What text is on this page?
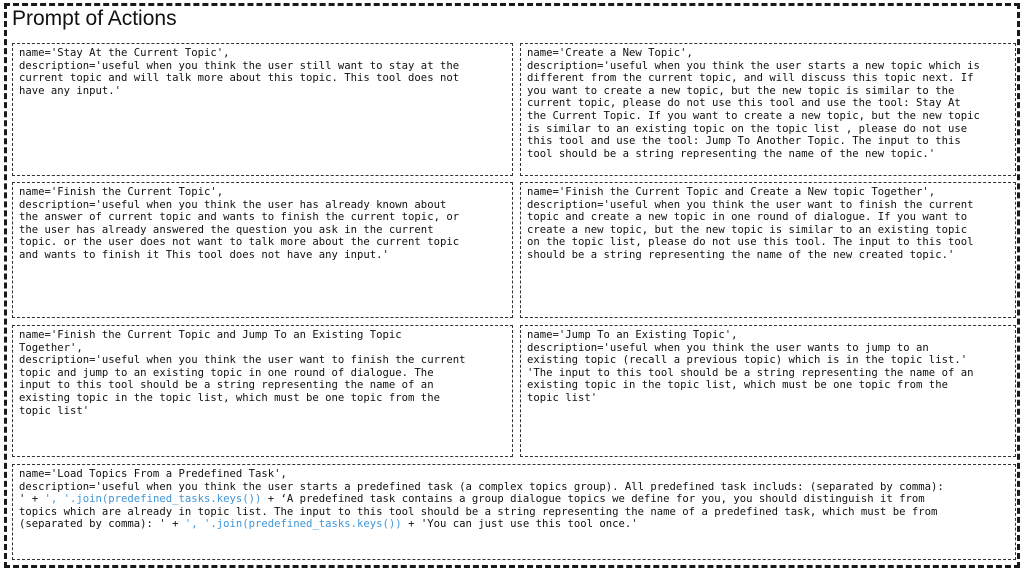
Prompt of Actions
name='Stay At the Current Topic',
description='useful when you think the user still want to stay at the
current topic and will talk more about this topic. This tool does not
have any input.'
name='Create a New Topic',
description='useful when you think the user starts a new topic which is
different from the current topic, and will discuss this topic next. If
you want to create a new topic, but the new topic is similar to the
current topic, please do not use this tool and use the tool: Stay At
the Current Topic. If you want to create a new topic, but the new topic
is similar to an existing topic on the topic list , please do not use
this tool and use the tool: Jump To Another Topic. The input to this
tool should be a string representing the name of the new topic.'
name='Finish the Current Topic',
description='useful when you think the user has already known about
the answer of current topic and wants to finish the current topic, or
the user has already answered the question you ask in the current
topic. or the user does not want to talk more about the current topic
and wants to finish it This tool does not have any input.'
name='Finish the Current Topic and Create a New topic Together',
description='useful when you think the user want to finish the current
topic and create a new topic in one round of dialogue. If you want to
create a new topic, but the new topic is similar to an existing topic
on the topic list, please do not use this tool. The input to this tool
should be a string representing the name of the new created topic.'
name='Finish the Current Topic and Jump To an Existing Topic
Together',
description='useful when you think the user want to finish the current
topic and jump to an existing topic in one round of dialogue. The
input to this tool should be a string representing the name of an
existing topic in the topic list, which must be one topic from the
topic list'
name='Jump To an Existing Topic',
description='useful when you think the user wants to jump to an
existing topic (recall a previous topic) which is in the topic list.'
'The input to this tool should be a string representing the name of an
existing topic in the topic list, which must be one topic from the
topic list'
name='Load Topics From a Predefined Task',
description='useful when you think the user starts a predefined task (a complex topics group). All predefined task includs: (separated by comma):
' + ', '.join(predefined_tasks.keys()) + ‘A predefined task contains a group dialogue topics we define for you, you should distinguish it from
topics which are already in topic list. The input to this tool should be a string representing the name of a predefined task, which must be from
(separated by comma): ' + ', '.join(predefined_tasks.keys()) + 'You can just use this tool once.'
